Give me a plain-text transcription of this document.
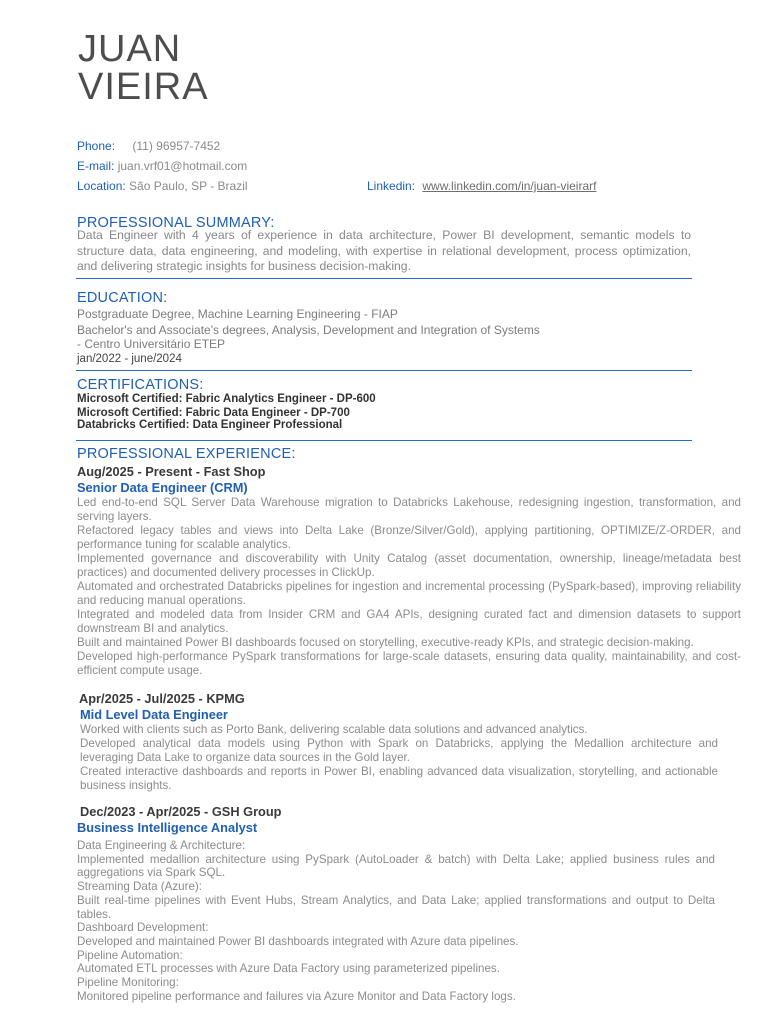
JUAN
VIEIRA
Phone: (11) 96957-7452
E-mail: juan.vrf01@hotmail.com
Location: São Paulo, SP - Brazil	Linkedin: www.linkedin.com/in/juan-vieirarf
PROFESSIONAL SUMMARY:
Data Engineer with 4 years of experience in data architecture, Power BI development, semantic models to structure data, data engineering, and modeling, with expertise in relational development, process optimization, and delivering strategic insights for business decision-making.
EDUCATION:
Postgraduate Degree, Machine Learning Engineering - FIAP
Bachelor's and Associate's degrees, Analysis, Development and Integration of Systems
- Centro Universitário ETEP
jan/2022 - june/2024
CERTIFICATIONS:
Microsoft Certified: Fabric Analytics Engineer - DP-600
Microsoft Certified: Fabric Data Engineer - DP-700
Databricks Certified: Data Engineer Professional
PROFESSIONAL EXPERIENCE:
Aug/2025 - Present - Fast Shop
Senior Data Engineer (CRM)
Led end-to-end SQL Server Data Warehouse migration to Databricks Lakehouse, redesigning ingestion, transformation, and serving layers.
Refactored legacy tables and views into Delta Lake (Bronze/Silver/Gold), applying partitioning, OPTIMIZE/Z-ORDER, and performance tuning for scalable analytics.
Implemented governance and discoverability with Unity Catalog (asset documentation, ownership, lineage/metadata best practices) and documented delivery processes in ClickUp.
Automated and orchestrated Databricks pipelines for ingestion and incremental processing (PySpark-based), improving reliability and reducing manual operations.
Integrated and modeled data from Insider CRM and GA4 APIs, designing curated fact and dimension datasets to support downstream BI and analytics.
Built and maintained Power BI dashboards focused on storytelling, executive-ready KPIs, and strategic decision-making.
Developed high-performance PySpark transformations for large-scale datasets, ensuring data quality, maintainability, and cost-efficient compute usage.
Apr/2025 - Jul/2025 - KPMG
Mid Level Data Engineer
Worked with clients such as Porto Bank, delivering scalable data solutions and advanced analytics.
Developed analytical data models using Python with Spark on Databricks, applying the Medallion architecture and leveraging Data Lake to organize data sources in the Gold layer.
Created interactive dashboards and reports in Power BI, enabling advanced data visualization, storytelling, and actionable business insights.
Dec/2023 - Apr/2025 - GSH Group
Business Intelligence Analyst
Data Engineering & Architecture:
Implemented medallion architecture using PySpark (AutoLoader & batch) with Delta Lake; applied business rules and aggregations via Spark SQL.
Streaming Data (Azure):
Built real-time pipelines with Event Hubs, Stream Analytics, and Data Lake; applied transformations and output to Delta tables.
Dashboard Development:
Developed and maintained Power BI dashboards integrated with Azure data pipelines.
Pipeline Automation:
Automated ETL processes with Azure Data Factory using parameterized pipelines.
Pipeline Monitoring:
Monitored pipeline performance and failures via Azure Monitor and Data Factory logs.
